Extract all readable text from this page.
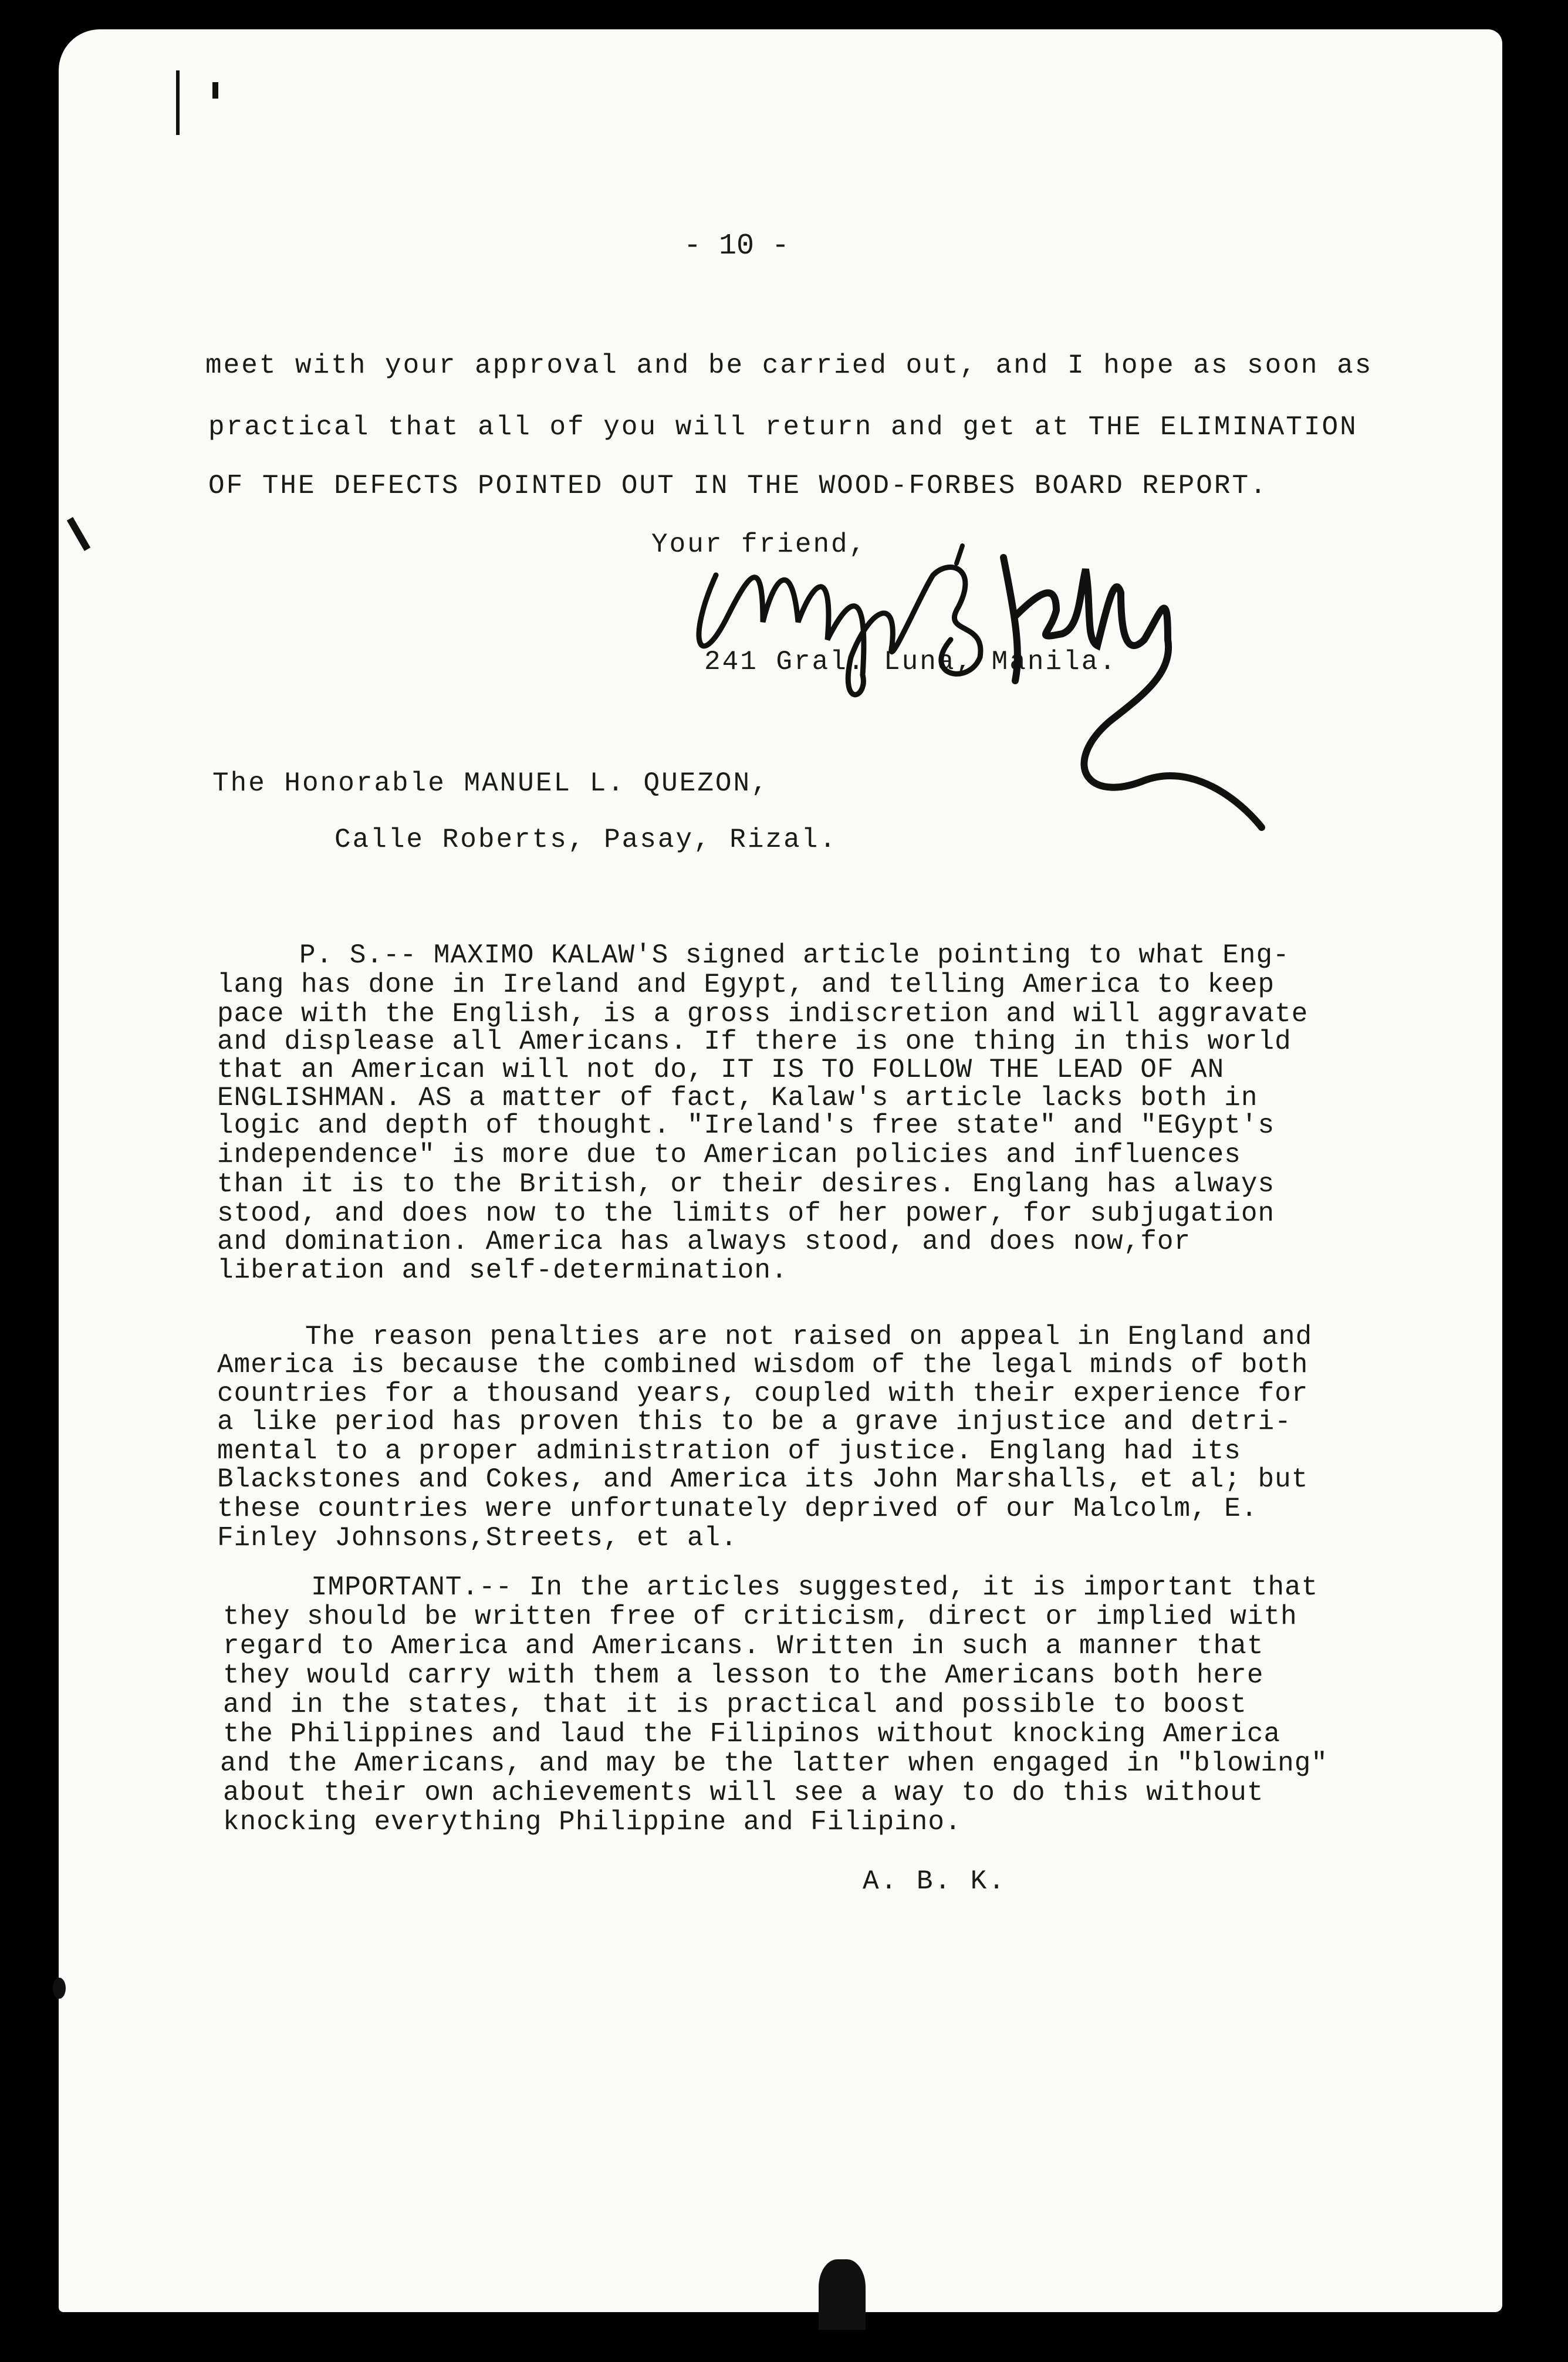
- 10 -
meet with your approval and be carried out, and I hope as soon as
practical that all of you will return and get at THE ELIMINATION
OF THE DEFECTS POINTED OUT IN THE WOOD-FORBES BOARD REPORT.
Your friend,
241 Gral. Luna, Manila.
The Honorable MANUEL L. QUEZON,
Calle Roberts, Pasay, Rizal.
P. S.-- MAXIMO KALAW'S signed article pointing to what Eng-
lang has done in Ireland and Egypt, and telling America to keep
pace with the English, is a gross indiscretion and will aggravate
and displease all Americans. If there is one thing in this world
that an American will not do, IT IS TO FOLLOW THE LEAD OF AN
ENGLISHMAN. AS a matter of fact, Kalaw's article lacks both in
logic and depth of thought. "Ireland's free state" and "EGypt's
independence" is more due to American policies and influences
than it is to the British, or their desires. Englang has always
stood, and does now to the limits of her power, for subjugation
and domination. America has always stood, and does now,for
liberation and self-determination.
The reason penalties are not raised on appeal in England and
America is because the combined wisdom of the legal minds of both
countries for a thousand years, coupled with their experience for
a like period has proven this to be a grave injustice and detri-
mental to a proper administration of justice. Englang had its
Blackstones and Cokes, and America its John Marshalls, et al; but
these countries were unfortunately deprived of our Malcolm, E.
Finley Johnsons,Streets, et al.
IMPORTANT.-- In the articles suggested, it is important that
they should be written free of criticism, direct or implied with
regard to America and Americans. Written in such a manner that
they would carry with them a lesson to the Americans both here
and in the states, that it is practical and possible to boost
the Philippines and laud the Filipinos without knocking America
and the Americans, and may be the latter when engaged in "blowing"
about their own achievements will see a way to do this without
knocking everything Philippine and Filipino.
A. B. K.
